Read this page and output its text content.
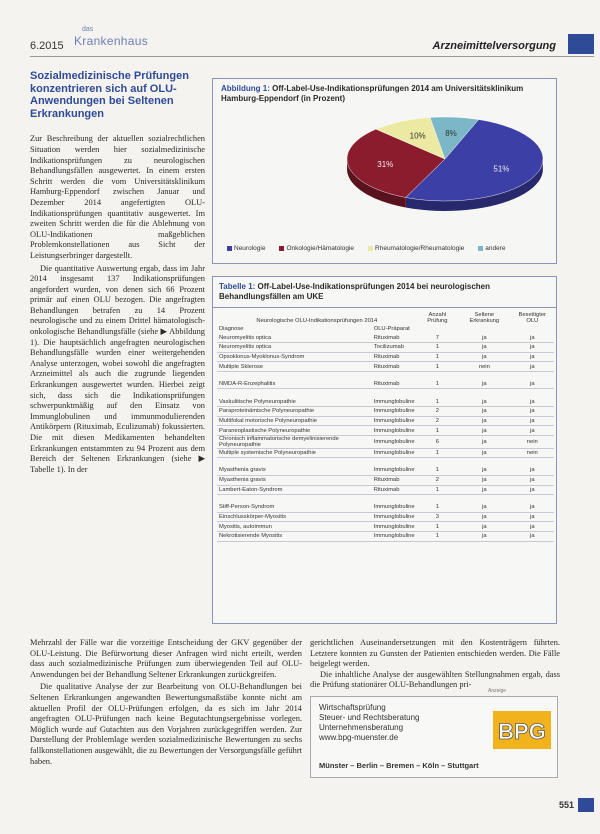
6.2015
das
Krankenhaus	Arzneimittelversorgung
Sozialmedizinische Prüfungen konzentrieren sich auf OLU-Anwendungen bei Seltenen Erkrankungen

Zur Beschreibung der aktuellen sozialrechtlichen Situation werden hier sozialmedizinische Indikationsprüfungen zu neurologischen Behandlungsfällen ausgewertet. In einem ersten Schritt werden die vom Universitätsklinikum Hamburg-Eppendorf zwischen Januar und Dezember 2014 angefertigten OLU-Indikationsprüfungen quantitativ ausgewertet. Im zweiten Schritt werden die für die Ablehnung von OLU-Indikationen maßgeblichen Problemkonstellationen aus Sicht der Leistungserbringer dargestellt.

Die quantitative Auswertung ergab, dass im Jahr 2014 insgesamt 137 Indikationsprüfungen angefordert wurden, von denen sich 66 Prozent primär auf einen OLU bezogen. Die angefragten Behandlungen betrafen zu 14 Prozent neurologische und zu einem Drittel hämatologisch-onkologische Behandlungsfälle (siehe ▶ Abbildung 1). Die hauptsächlich angefragten neurologischen Behandlungsfälle wurden einer weitergehenden Analyse unterzogen, wobei sowohl die angefragten Arzneimittel als auch die zugrunde liegenden Erkrankungen ausgewertet wurden. Hierbei zeigt sich, dass sich die Indikationsprüfungen schwerpunktmäßig auf den Einsatz von Immunglobulinen und immunmodulierenden Antikörpern (Rituximab, Eculizumab) fokussierten. Die mit diesen Medikamenten behandelten Erkrankungen entstammten zu 94 Prozent aus dem Bereich der Seltenen Erkrankungen (siehe ▶ Tabelle 1). In der

Abbildung 1: Off-Label-Use-Indikationsprüfungen 2014 am Universitätsklinikum Hamburg-Eppendorf (in Prozent)
51%
31%
10% 8%
Neurologie	Onkologie/Hämatologie	Rheumatologie/Rheumatologie	andere
Tabelle 1: Off-Label-Use-Indikationsprüfungen 2014 bei neurologischen Behandlungsfällen am UKE
Neurologische OLU-Indikationsprüfungen 2014		Anzahl Prüfung	Seltene Erkrankung	Beseitigter OLU
Diagnose	OLU-Präparat			
Neuromyelitis optica	Rituximab	7	ja	ja
Neuromyelitis optica	Tocilizumab	1	ja	ja
Opsoklonus-Myoklonus-Syndrom	Rituximab	1	ja	ja
Multiple Sklerose	Rituximab	1	nein	ja

NMDA-R-Enzephalitis	Rituximab	1	ja	ja

Vaskulitische Polyneuropathie	Immunglobuline	1	ja	ja
Paraproteinämische Polyneuropathie	Immunglobuline	2	ja	ja
Multifokal motorische Polyneuropathie	Immunglobuline	2	ja	ja
Paraneoplastische Polyneuropathie	Immunglobuline	1	ja	ja
Chronisch inflammatorische demyelinisierende Polyneuropathie	Immunglobuline	6	ja	nein
Multiple systemische Polyneuropathie	Immunglobuline	1	ja	nein

Myasthenia gravis	Immunglobuline	1	ja	ja
Myasthenia gravis	Rituximab	2	ja	ja
Lambert-Eaton-Syndrom	Rituximab	1	ja	ja

Stiff-Person-Syndrom	Immunglobuline	1	ja	ja
Einschlusskörper-Myositis	Immunglobuline	3	ja	ja
Myositis, autoimmun	Immunglobuline	1	ja	ja
Nekrotisierende Myositis	Immunglobuline	1	ja	ja

Mehrzahl der Fälle war die vorzeitige Entscheidung der GKV gegenüber der OLU-Leistung. Die Befürwortung dieser Anfragen wird nicht erteilt, werden dass auch sozialmedizinische Prüfungen zum überwiegenden Teil auf OLU-Anwendungen bei der Behandlung Seltener Erkrankungen zurückgreifen.

Die qualitative Analyse der zur Bearbeitung von OLU-Behandlungen bei Seltenen Erkrankungen angewandten Bewertungsmaßstäbe konnte nicht am aktuellen Profil der OLU-Prüfungen erfolgen, da es sich im Jahr 2014 angefragten OLU-Prüfungen nach keine Begutachtungsergebnisse vorlegen. Möglich wurde auf Gutachten aus den Vorjahren zurückgegriffen werden. Zur Darstellung der Problemlage werden sozialmedizinische Bewertungen zu sechs fallkonstellationen ausgewählt, die zu Bewertungen der Versorgungsfälle geführt haben.

gerichtlichen Auseinandersetzungen mit den Kostenträgern führten. Letztere konnten zu Gunsten der Patienten entschieden werden. Die Fälle beigelegt werden.

Die inhaltliche Analyse der ausgewählten Stellungnahmen ergab, dass die Prüfung stationärer OLU-Behandlungen pri-

Anzeige
Wirtschaftsprüfung
Steuer- und Rechtsberatung
Unternehmensberatung
www.bpg-muenster.de	BPG
Münster – Berlin – Bremen – Köln – Stuttgart
551
